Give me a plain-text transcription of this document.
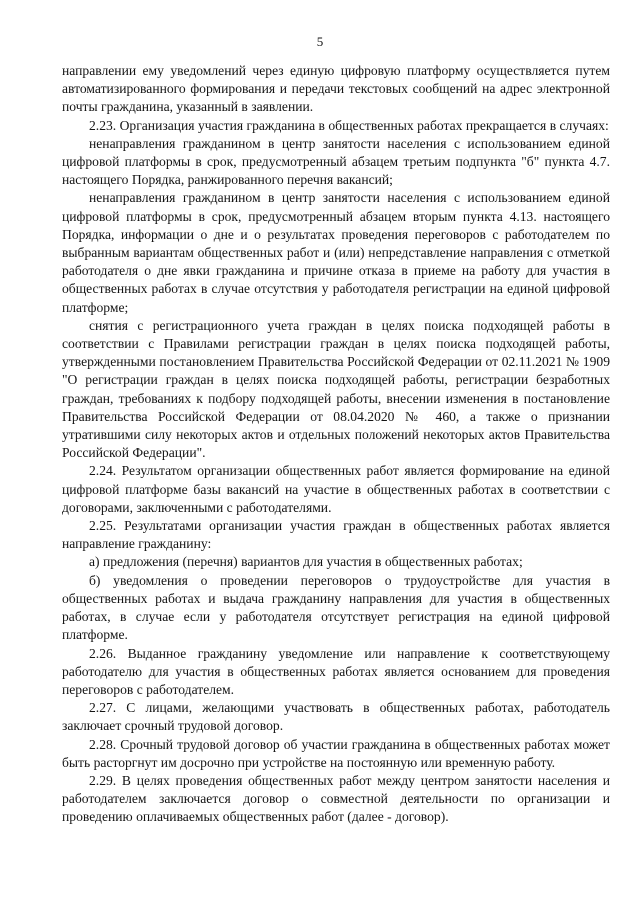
5

направлении ему уведомлений через единую цифровую платформу осуществляется путем автоматизированного формирования и передачи текстовых сообщений на адрес электронной почты гражданина, указанный в заявлении.

2.23. Организация участия гражданина в общественных работах прекращается в случаях:

ненаправления гражданином в центр занятости населения с использованием единой цифровой платформы в срок, предусмотренный абзацем третьим подпункта "б" пункта 4.7. настоящего Порядка, ранжированного перечня вакансий;

ненаправления гражданином в центр занятости населения с использованием единой цифровой платформы в срок, предусмотренный абзацем вторым пункта 4.13. настоящего Порядка, информации о дне и о результатах проведения переговоров с работодателем по выбранным вариантам общественных работ и (или) непредставление направления с отметкой работодателя о дне явки гражданина и причине отказа в приеме на работу для участия в общественных работах в случае отсутствия у работодателя регистрации на единой цифровой платформе;

снятия с регистрационного учета граждан в целях поиска подходящей работы в соответствии с Правилами регистрации граждан в целях поиска подходящей работы, утвержденными постановлением Правительства Российской Федерации от 02.11.2021 № 1909 "О регистрации граждан в целях поиска подходящей работы, регистрации безработных граждан, требованиях к подбору подходящей работы, внесении изменения в постановление Правительства Российской Федерации от 08.04.2020 № 460, а также о признании утратившими силу некоторых актов и отдельных положений некоторых актов Правительства Российской Федерации".

2.24. Результатом организации общественных работ является формирование на единой цифровой платформе базы вакансий на участие в общественных работах в соответствии с договорами, заключенными с работодателями.

2.25. Результатами организации участия граждан в общественных работах является направление гражданину:

а) предложения (перечня) вариантов для участия в общественных работах;

б) уведомления о проведении переговоров о трудоустройстве для участия в общественных работах и выдача гражданину направления для участия в общественных работах, в случае если у работодателя отсутствует регистрация на единой цифровой платформе.

2.26. Выданное гражданину уведомление или направление к соответствующему работодателю для участия в общественных работах является основанием для проведения переговоров с работодателем.

2.27. С лицами, желающими участвовать в общественных работах, работодатель заключает срочный трудовой договор.

2.28. Срочный трудовой договор об участии гражданина в общественных работах может быть расторгнут им досрочно при устройстве на постоянную или временную работу.

2.29. В целях проведения общественных работ между центром занятости населения и работодателем заключается договор о совместной деятельности по организации и проведению оплачиваемых общественных работ (далее - договор).
